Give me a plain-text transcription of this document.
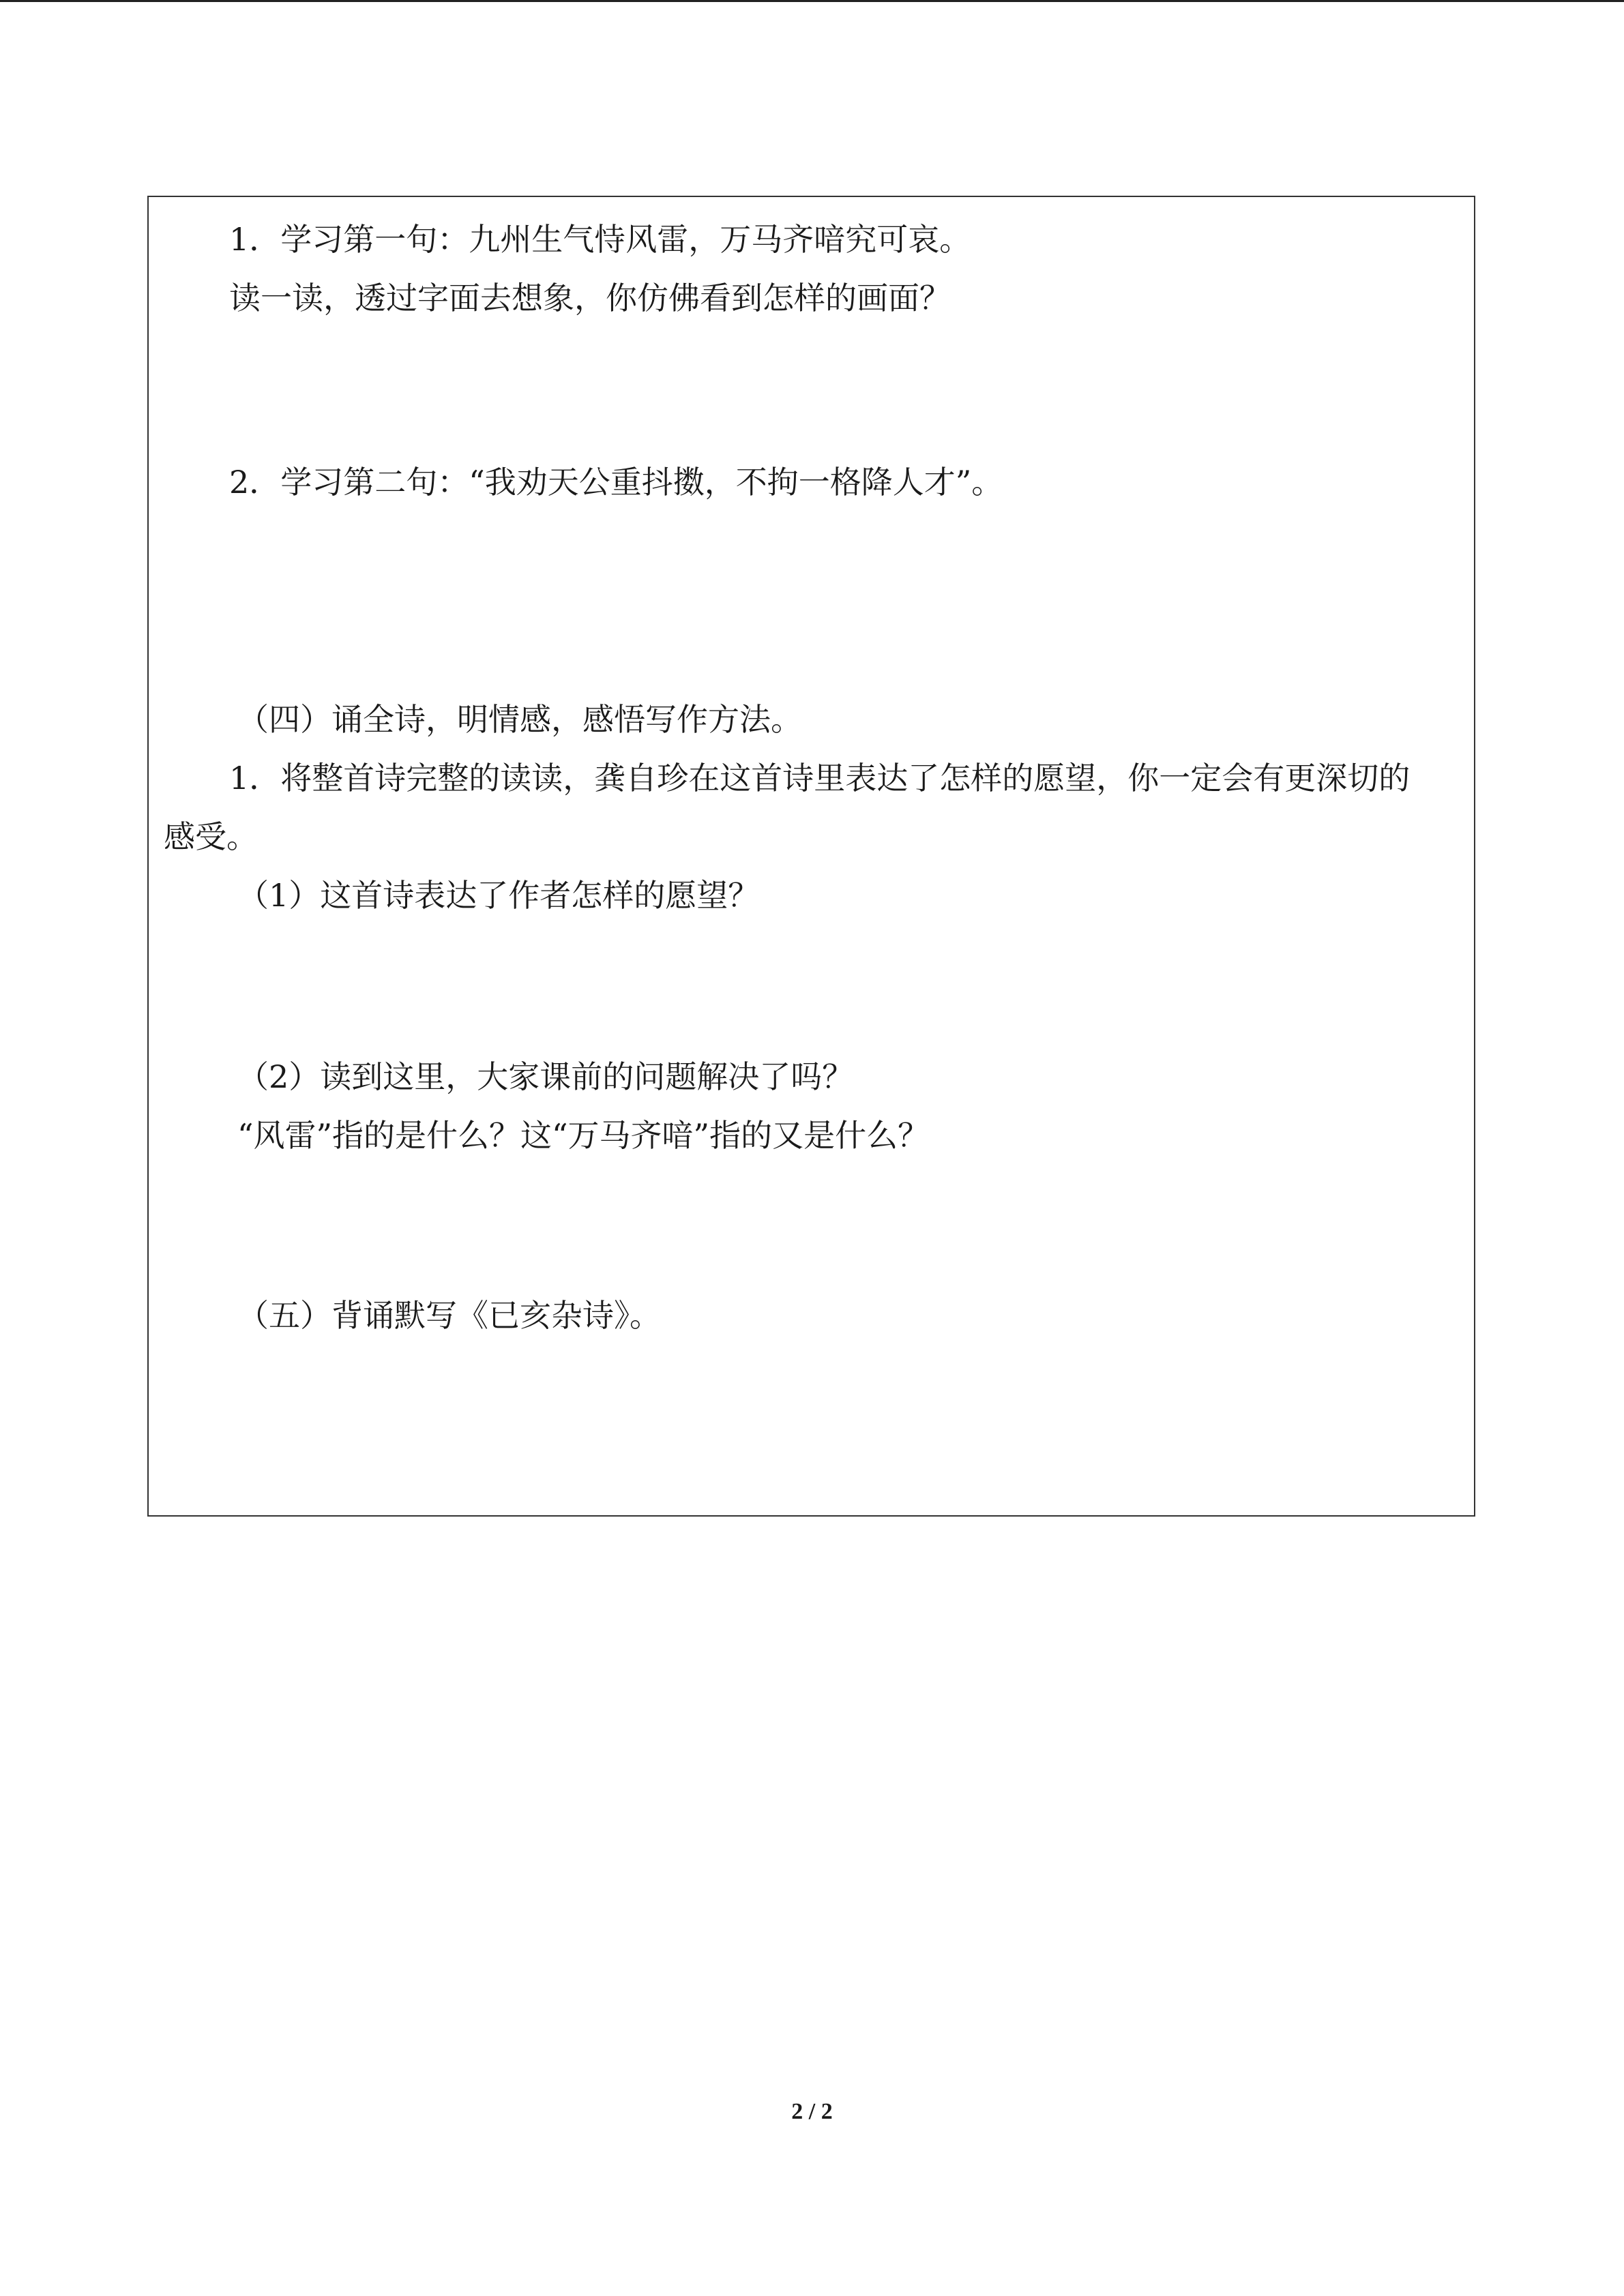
1．学习第一句：九州生气恃风雷，万马齐喑究可哀。
读一读，透过字面去想象，你仿佛看到怎样的画面？
2．学习第二句：“我劝天公重抖擞，不拘一格降人才”。
（四）诵全诗，明情感，感悟写作方法。
1．将整首诗完整的读读，龚自珍在这首诗里表达了怎样的愿望，你一定会有更深切的
感受。
（1）这首诗表达了作者怎样的愿望？
（2）读到这里，大家课前的问题解决了吗？
“风雷”指的是什么？这“万马齐喑”指的又是什么？
（五）背诵默写《已亥杂诗》。
2 / 2
